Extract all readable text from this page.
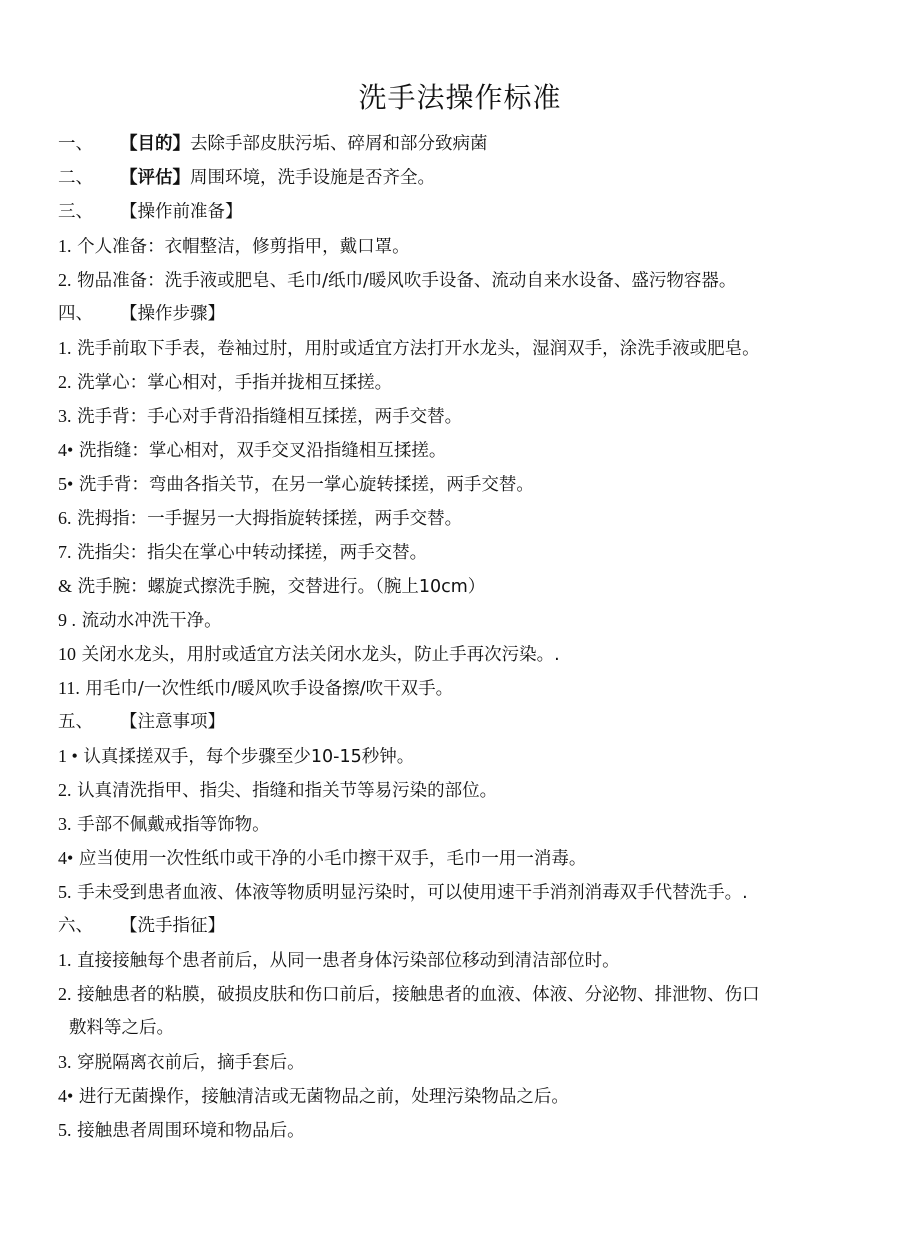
洗手法操作标准
一、 【目的】去除手部皮肤污垢、碎屑和部分致病菌
二、 【评估】周围环境，洗手设施是否齐全。
三、 【操作前准备】
1. 个人准备：衣帽整洁，修剪指甲，戴口罩。
2. 物品准备：洗手液或肥皂、毛巾/纸巾/暖风吹手设备、流动自来水设备、盛污物容器。
四、 【操作步骤】
1. 洗手前取下手表，卷袖过肘，用肘或适宜方法打开水龙头，湿润双手，涂洗手液或肥皂。
2. 洗掌心：掌心相对，手指并拢相互揉搓。
3. 洗手背：手心对手背沿指缝相互揉搓，两手交替。
4• 洗指缝：掌心相对，双手交叉沿指缝相互揉搓。
5• 洗手背：弯曲各指关节，在另一掌心旋转揉搓，两手交替。
6. 洗拇指：一手握另一大拇指旋转揉搓，两手交替。
7. 洗指尖：指尖在掌心中转动揉搓，两手交替。
& 洗手腕：螺旋式擦洗手腕，交替进行。（腕上10cm）
9 . 流动水冲洗干净。
10 关闭水龙头，用肘或适宜方法关闭水龙头，防止手再次污染。.
11. 用毛巾/一次性纸巾/暖风吹手设备擦/吹干双手。
五、 【注意事项】
1 • 认真揉搓双手，每个步骤至少10-15秒钟。
2. 认真清洗指甲、指尖、指缝和指关节等易污染的部位。
3. 手部不佩戴戒指等饰物。
4• 应当使用一次性纸巾或干净的小毛巾擦干双手，毛巾一用一消毒。
5. 手未受到患者血液、体液等物质明显污染时，可以使用速干手消剂消毒双手代替洗手。.
六、 【洗手指征】
1. 直接接触每个患者前后，从同一患者身体污染部位移动到清洁部位时。
2. 接触患者的粘膜，破损皮肤和伤口前后，接触患者的血液、体液、分泌物、排泄物、伤口
敷料等之后。
3. 穿脱隔离衣前后，摘手套后。
4• 进行无菌操作，接触清洁或无菌物品之前，处理污染物品之后。
5. 接触患者周围环境和物品后。
